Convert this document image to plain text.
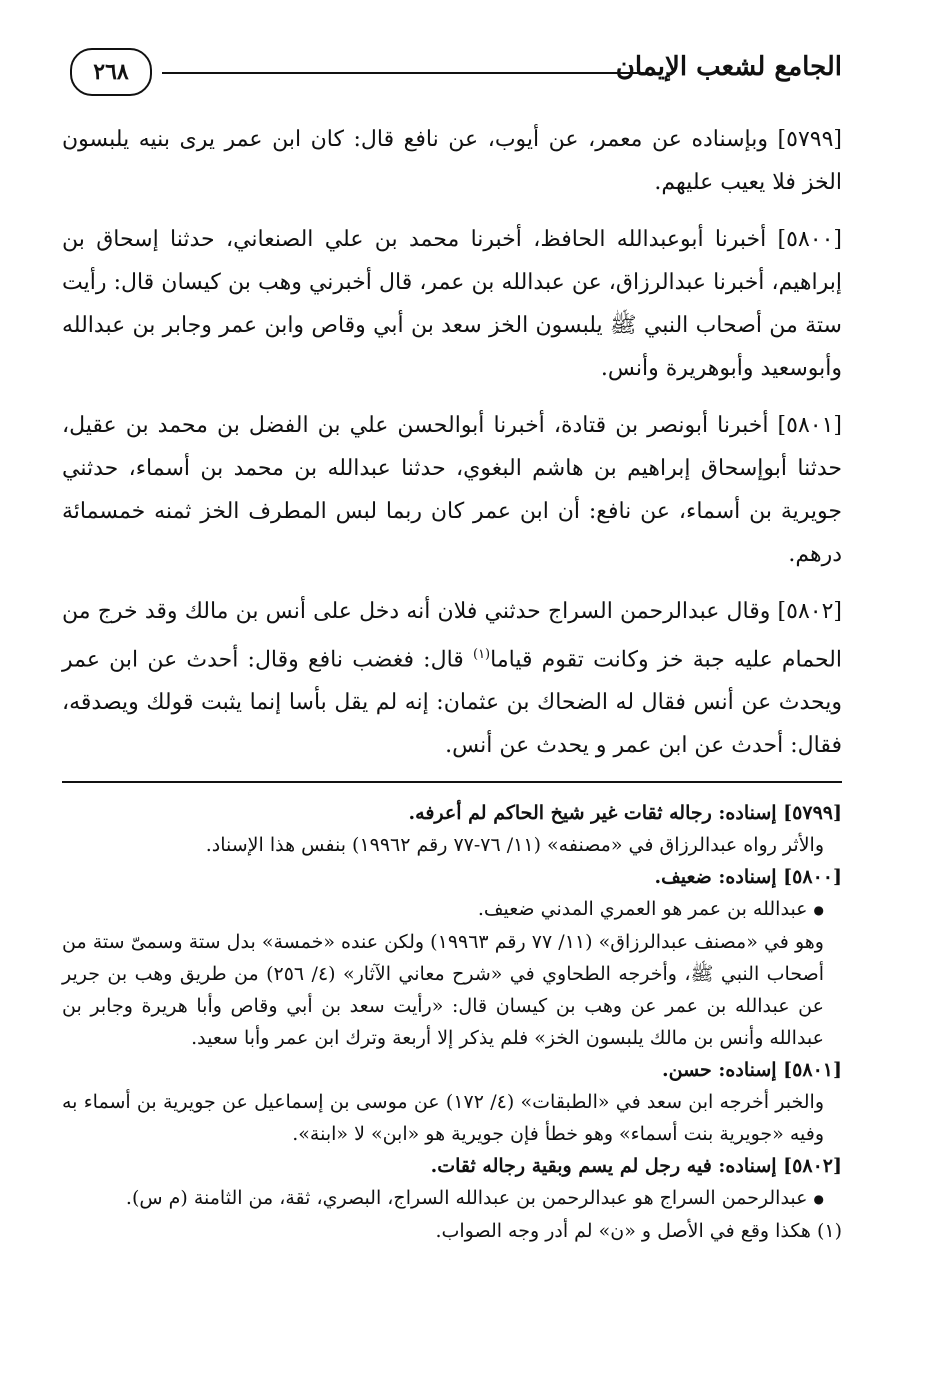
الجامع لشعب الإيمان
٢٦٨

[٥٧٩٩] وبإسناده عن معمر، عن أيوب، عن نافع قال: كان ابن عمر يرى بنيه يلبسون الخز فلا يعيب عليهم.

[٥٨٠٠] أخبرنا أبوعبدالله الحافظ، أخبرنا محمد بن علي الصنعاني، حدثنا إسحاق بن إبراهيم، أخبرنا عبدالرزاق، عن عبدالله بن عمر، قال أخبرني وهب بن كيسان قال: رأيت ستة من أصحاب النبي ﷺ يلبسون الخز سعد بن أبي وقاص وابن عمر وجابر بن عبدالله وأبوسعيد وأبوهريرة وأنس.

[٥٨٠١] أخبرنا أبونصر بن قتادة، أخبرنا أبوالحسن علي بن الفضل بن محمد بن عقيل، حدثنا أبوإسحاق إبراهيم بن هاشم البغوي، حدثنا عبدالله بن محمد بن أسماء، حدثني جويرية بن أسماء، عن نافع: أن ابن عمر كان ربما لبس المطرف الخز ثمنه خمسمائة درهم.

[٥٨٠٢] وقال عبدالرحمن السراج حدثني فلان أنه دخل على أنس بن مالك وقد خرج من الحمام عليه جبة خز وكانت تقوم قياما$^{(١)}$ قال: فغضب نافع وقال: أحدث عن ابن عمر ويحدث عن أنس فقال له الضحاك بن عثمان: إنه لم يقل بأسا إنما يثبت قولك ويصدقه، فقال: أحدث عن ابن عمر و يحدث عن أنس.

[٥٧٩٩] إسناده: رجاله ثقات غير شيخ الحاكم لم أعرفه.

والأثر رواه عبدالرزاق في «مصنفه» (١١/ ٧٦-٧٧ رقم ١٩٩٦٢) بنفس هذا الإسناد.

[٥٨٠٠] إسناده: ضعيف.

● عبدالله بن عمر هو العمري المدني ضعيف.

وهو في «مصنف عبدالرزاق» (١١/ ٧٧ رقم ١٩٩٦٣) ولكن عنده «خمسة» بدل ستة وسمىّ ستة من أصحاب النبي ﷺ، وأخرجه الطحاوي في «شرح معاني الآثار» (٤/ ٢٥٦) من طريق وهب بن جرير عن عبدالله بن عمر عن وهب بن كيسان قال: «رأيت سعد بن أبي وقاص وأبا هريرة وجابر بن عبدالله وأنس بن مالك يلبسون الخز» فلم يذكر إلا أربعة وترك ابن عمر وأبا سعيد.

[٥٨٠١] إسناده: حسن.

والخبر أخرجه ابن سعد في «الطبقات» (٤/ ١٧٢) عن موسى بن إسماعيل عن جويرية بن أسماء به وفيه «جويرية بنت أسماء» وهو خطأ فإن جويرية هو «ابن» لا «ابنة».

[٥٨٠٢] إسناده: فيه رجل لم يسم وبقية رجاله ثقات.

● عبدالرحمن السراج هو عبدالرحمن بن عبدالله السراج، البصري، ثقة، من الثامنة (م س).

(١) هكذا وقع في الأصل و «ن» لم أدر وجه الصواب.
